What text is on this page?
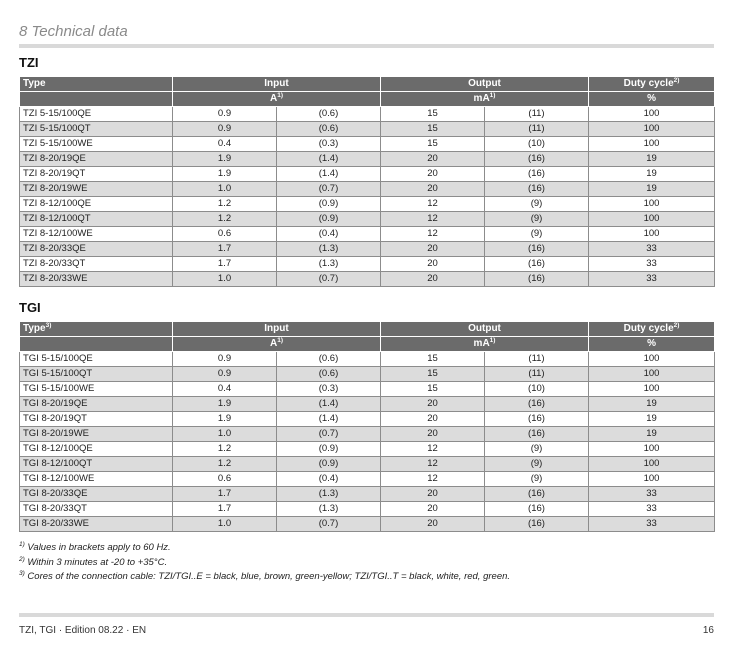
8 Technical data
TZI
Type	Input		Output		Duty cycle$^{2)}$
	$A^{1)}$		$mA^{1)}$		%
TZI 5-15/100QE	0.9	(0.6)	15	(11)	100
TZI 5-15/100QT	0.9	(0.6)	15	(11)	100
TZI 5-15/100WE	0.4	(0.3)	15	(10)	100
TZI 8-20/19QE	1.9	(1.4)	20	(16)	19
TZI 8-20/19QT	1.9	(1.4)	20	(16)	19
TZI 8-20/19WE	1.0	(0.7)	20	(16)	19
TZI 8-12/100QE	1.2	(0.9)	12	(9)	100
TZI 8-12/100QT	1.2	(0.9)	12	(9)	100
TZI 8-12/100WE	0.6	(0.4)	12	(9)	100
TZI 8-20/33QE	1.7	(1.3)	20	(16)	33
TZI 8-20/33QT	1.7	(1.3)	20	(16)	33
TZI 8-20/33WE	1.0	(0.7)	20	(16)	33
TGI
Type$^{3)}$	Input		Output		Duty cycle$^{2)}$
	$A^{1)}$		$mA^{1)}$		%
TGI 5-15/100QE	0.9	(0.6)	15	(11)	100
TGI 5-15/100QT	0.9	(0.6)	15	(11)	100
TGI 5-15/100WE	0.4	(0.3)	15	(10)	100
TGI 8-20/19QE	1.9	(1.4)	20	(16)	19
TGI 8-20/19QT	1.9	(1.4)	20	(16)	19
TGI 8-20/19WE	1.0	(0.7)	20	(16)	19
TGI 8-12/100QE	1.2	(0.9)	12	(9)	100
TGI 8-12/100QT	1.2	(0.9)	12	(9)	100
TGI 8-12/100WE	0.6	(0.4)	12	(9)	100
TGI 8-20/33QE	1.7	(1.3)	20	(16)	33
TGI 8-20/33QT	1.7	(1.3)	20	(16)	33
TGI 8-20/33WE	1.0	(0.7)	20	(16)	33
$^{1)}$ Values in brackets apply to 60 Hz.
$^{2)}$ Within 3 minutes at -20 to +35°C.
$^{3)}$ Cores of the connection cable: TZI/TGI..E = black, blue, brown, green-yellow; TZI/TGI..T = black, white, red, green.
TZI, TGI · Edition 08.22 · EN	16
